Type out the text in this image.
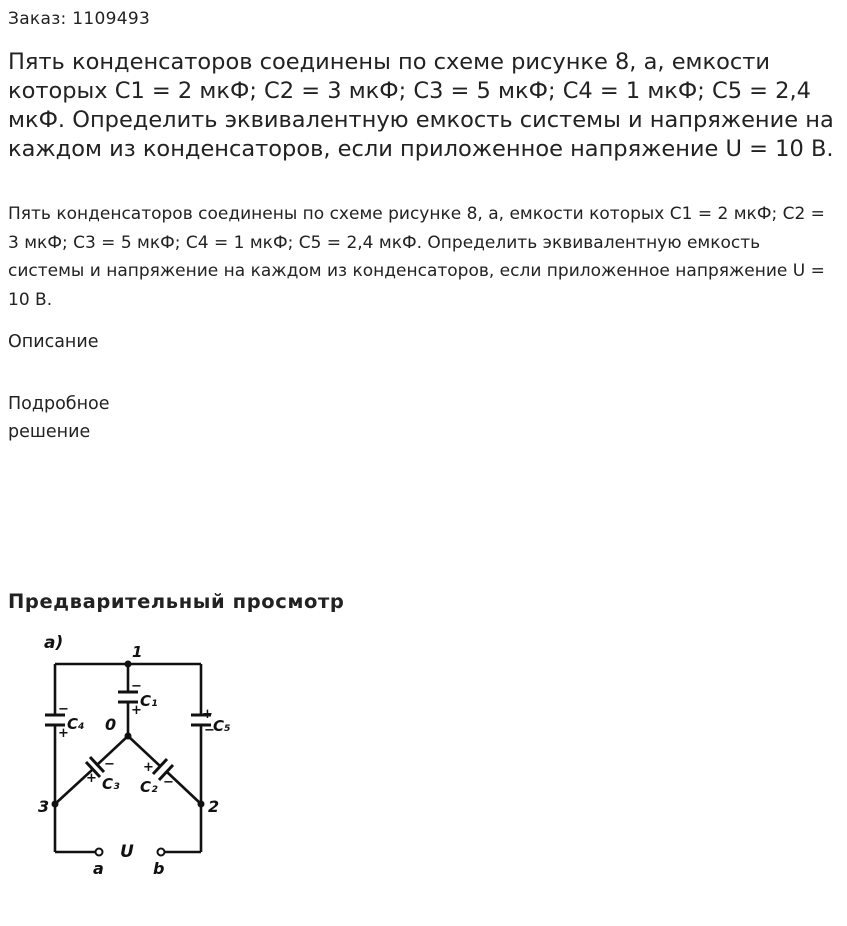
Заказ: 1109493
Пять конденсаторов соединены по схеме рисунке 8, а, емкости которых С1 = 2 мкФ; С2 = 3 мкФ; С3 = 5 мкФ; С4 = 1 мкФ; С5 = 2,4 мкФ. Определить эквивалентную емкость системы и напряжение на каждом из конденсаторов, если приложенное напряжение U = 10 В.

Пять конденсаторов соединены по схеме рисунке 8, а, емкости которых С1 = 2 мкФ; С2 = 3 мкФ; С3 = 5 мкФ; С4 = 1 мкФ; С5 = 2,4 мкФ. Определить эквивалентную емкость системы и напряжение на каждом из конденсаторов, если приложенное напряжение U = 10 В.

Описание
Подробное решение
Предварительный просмотр
а)	1
0
3	2
C₁
C₄	C₅
C₃ C₂
−
+
−
+
+
−
−
+
+
−
U
a	b
